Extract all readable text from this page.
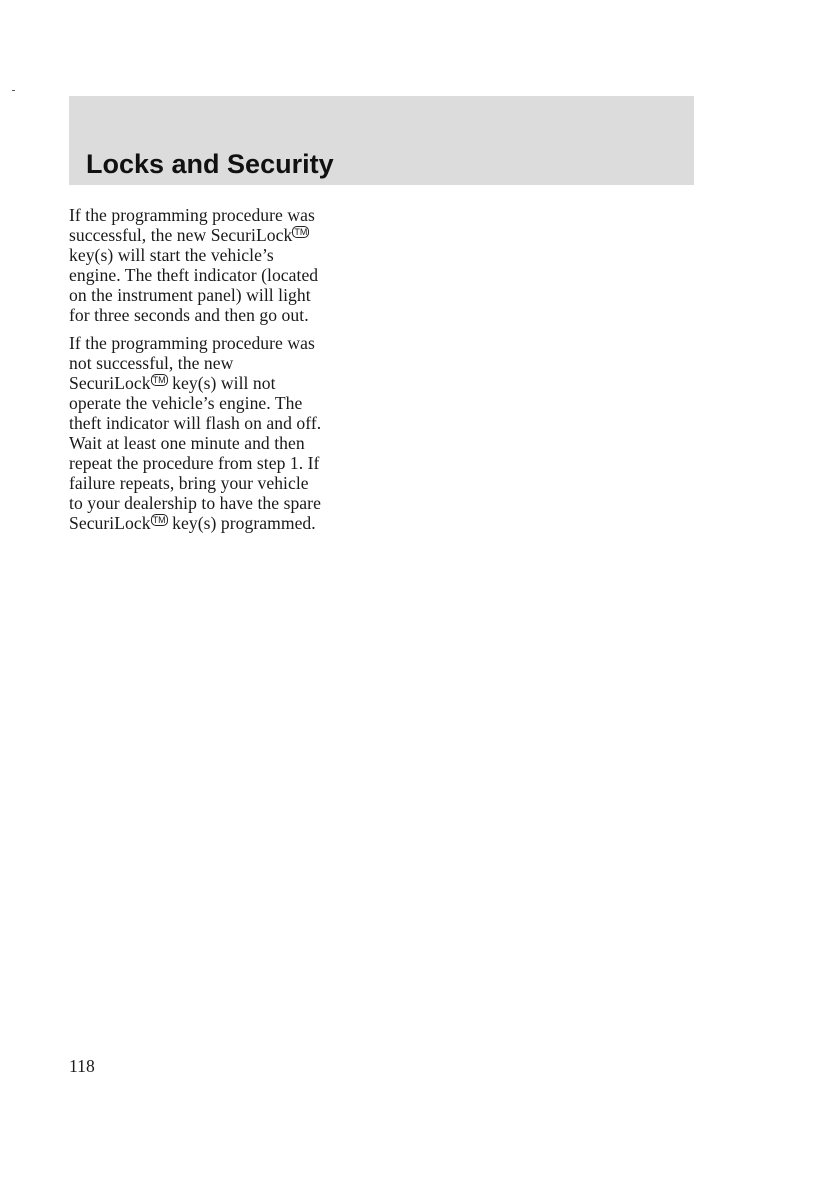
Locks and Security

If the programming procedure was
successful, the new SecuriLock ™
key(s) will start the vehicle’s
engine. The theft indicator (located
on the instrument panel) will light
for three seconds and then go out.

If the programming procedure was
not successful, the new
SecuriLock ™ key(s) will not
operate the vehicle’s engine. The
theft indicator will flash on and off.
Wait at least one minute and then
repeat the procedure from step 1. If
failure repeats, bring your vehicle
to your dealership to have the spare
SecuriLock ™ key(s) programmed.

118
